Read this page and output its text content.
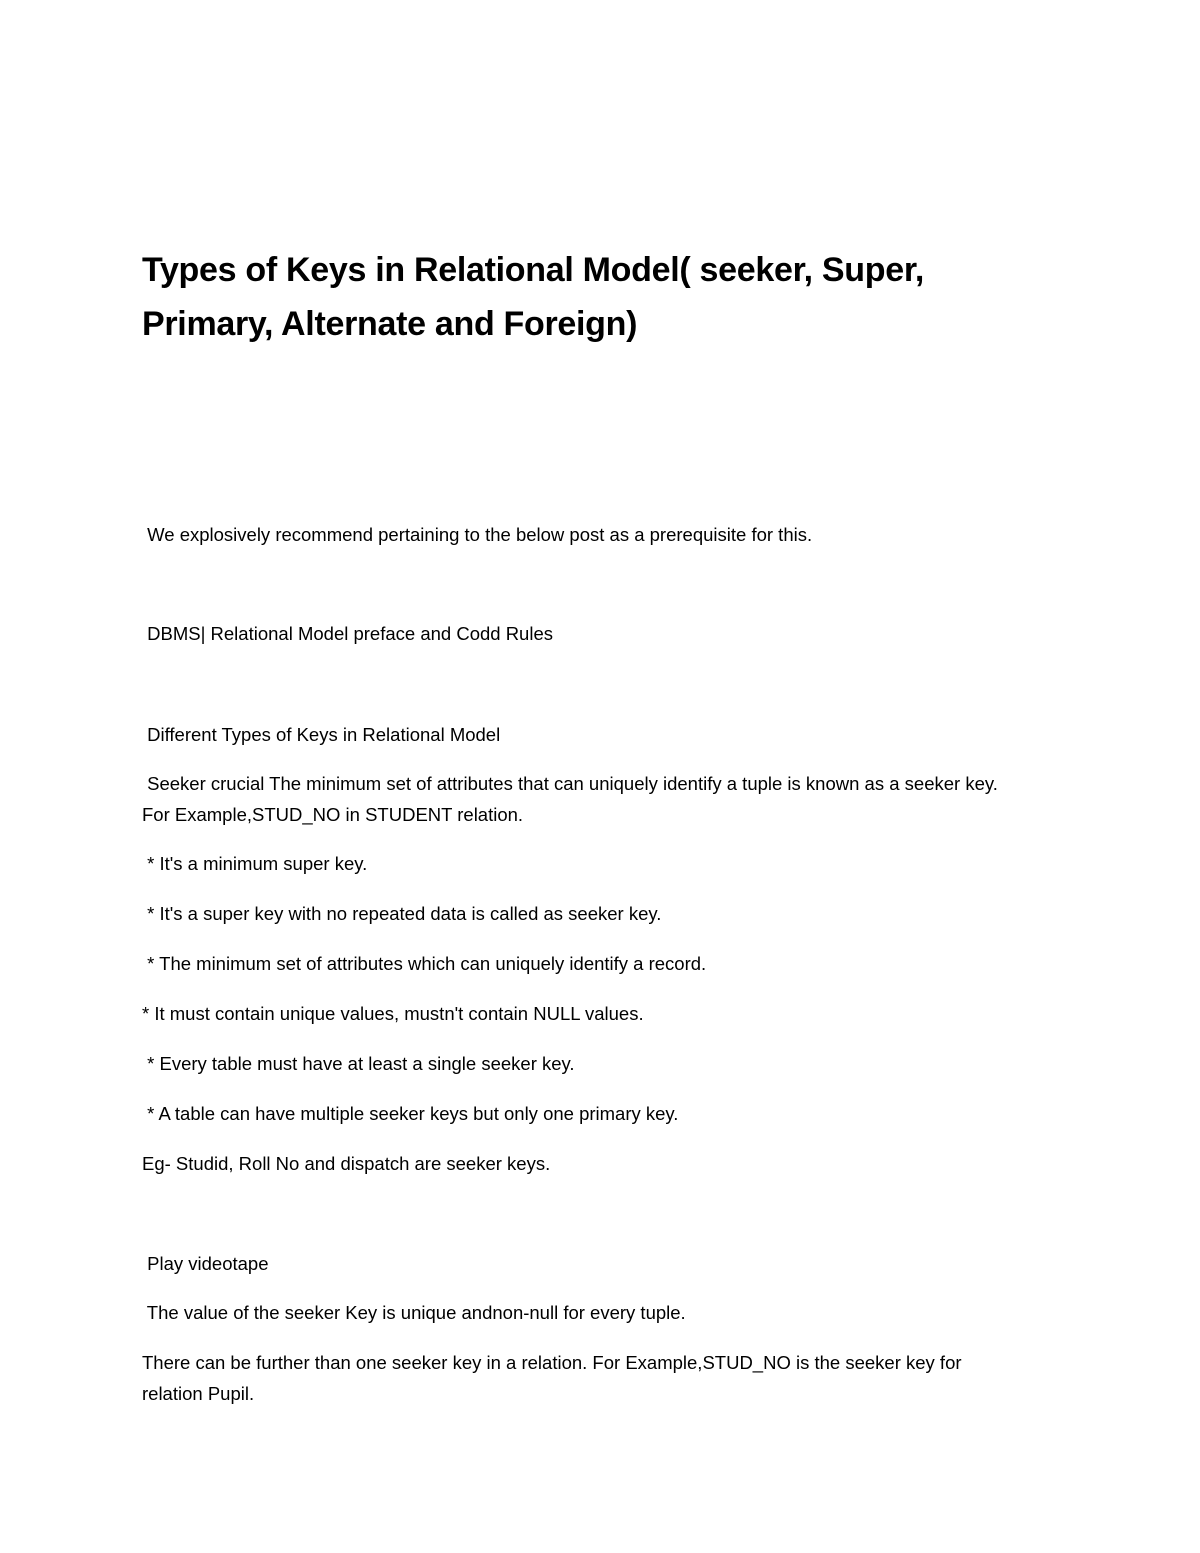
Types of Keys in Relational Model( seeker, Super,
Primary, Alternate and Foreign)

We explosively recommend pertaining to the below post as a prerequisite for this.

DBMS| Relational Model preface and Codd Rules

Different Types of Keys in Relational Model

Seeker crucial The minimum set of attributes that can uniquely identify a tuple is known as a seeker key.

For Example,STUD_NO in STUDENT relation.

* It's a minimum super key.

* It's a super key with no repeated data is called as seeker key.

* The minimum set of attributes which can uniquely identify a record.

* It must contain unique values, mustn't contain NULL values.

* Every table must have at least a single seeker key.

* A table can have multiple seeker keys but only one primary key.

Eg- Studid, Roll No and dispatch are seeker keys.

Play videotape

The value of the seeker Key is unique andnon-null for every tuple.

There can be further than one seeker key in a relation. For Example,STUD_NO is the seeker key for

relation Pupil.
